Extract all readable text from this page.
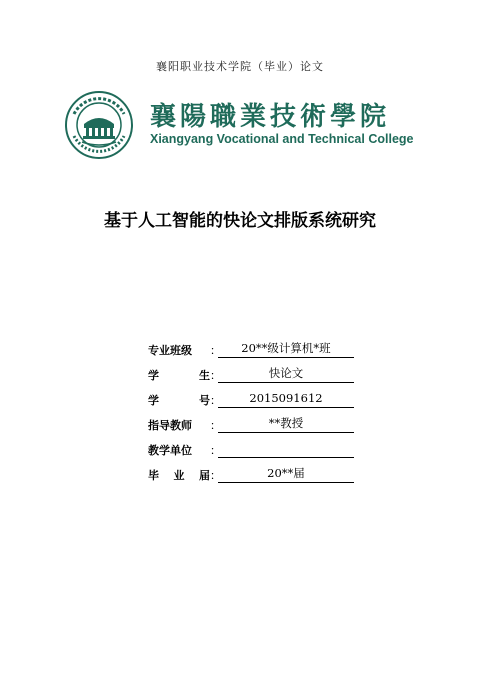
襄阳职业技术学院（毕业）论文
襄陽職業技術學院
Xiangyang Vocational and Technical College
基于人工智能的快论文排版系统研究
专业班级	：	20**级计算机*班
学	生 ：	快论文
学	号 ：	2015091612
指导教师	：	**教授
教学单位	：
毕 业 届 ：	20**届
